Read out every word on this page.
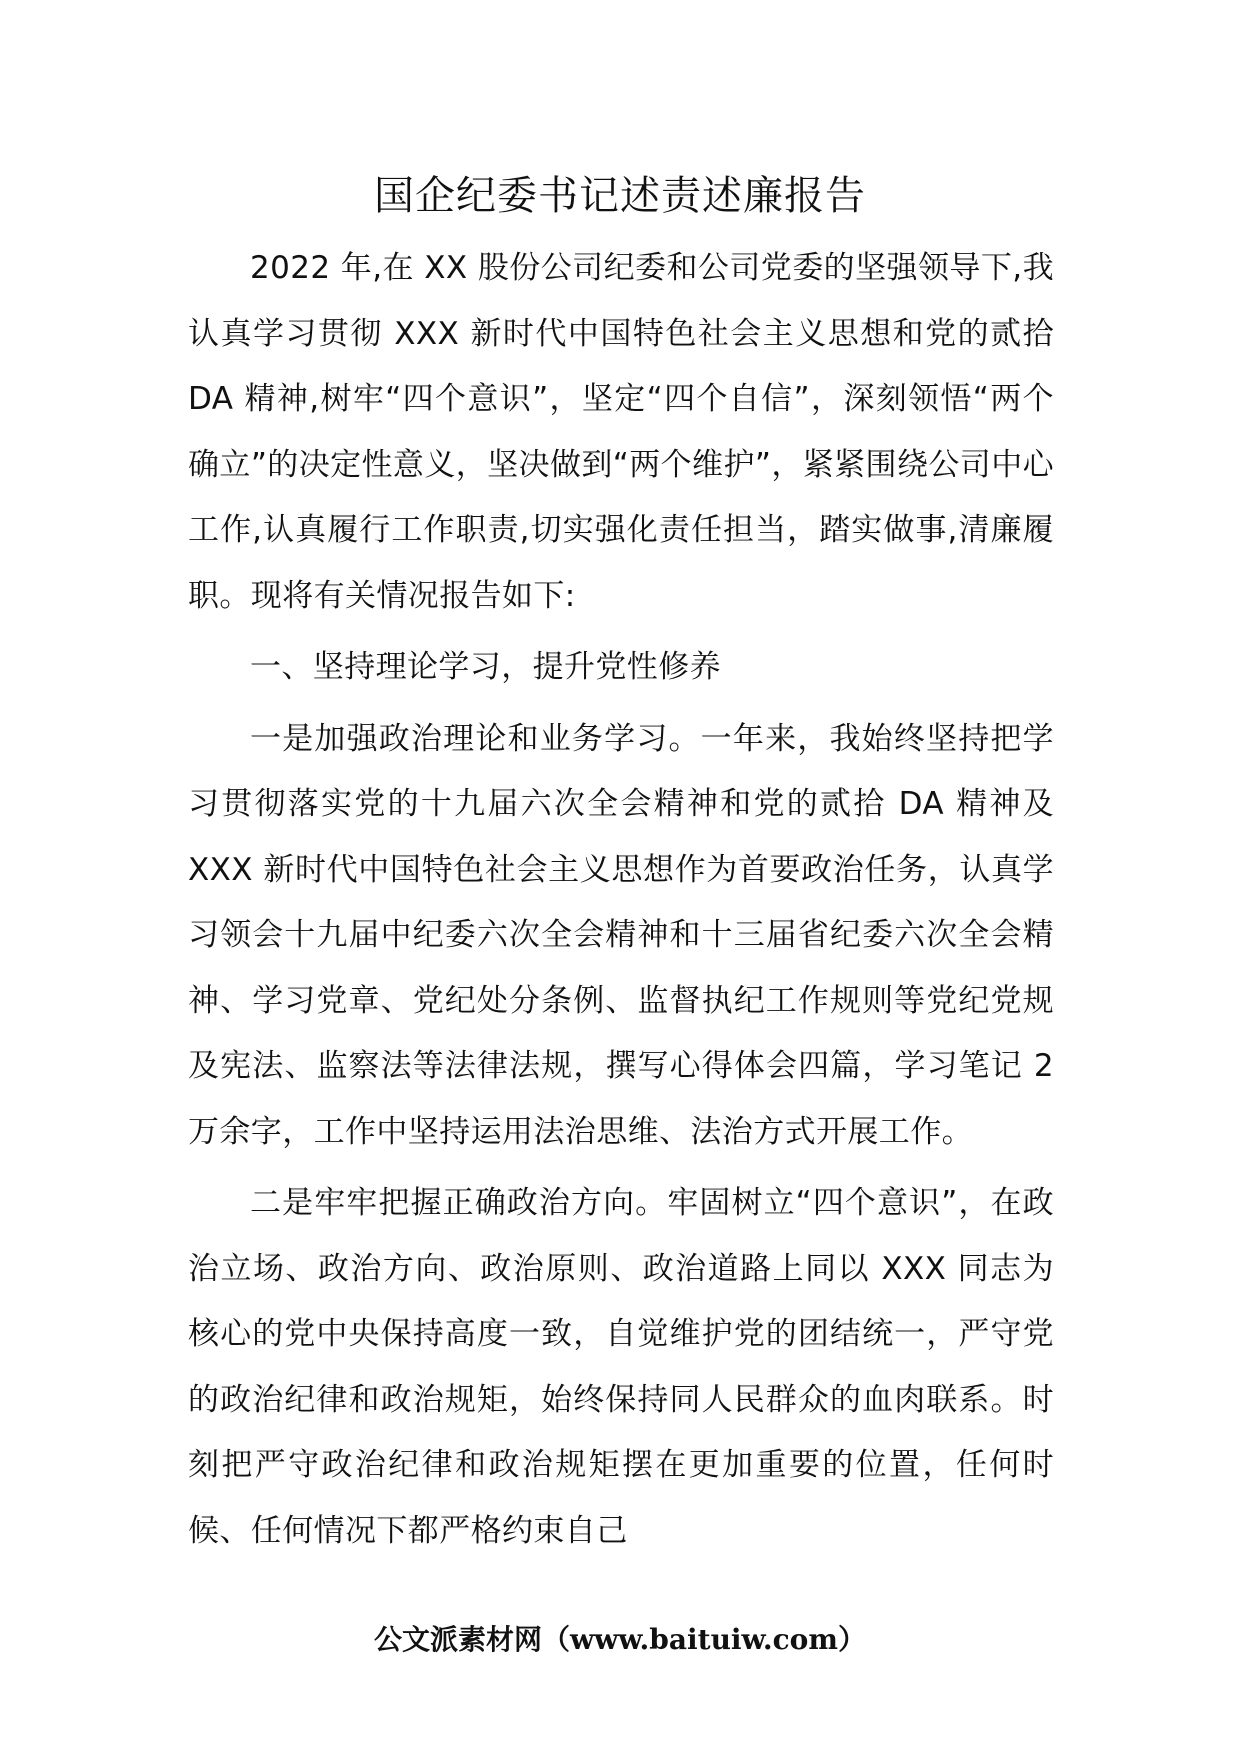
国企纪委书记述责述廉报告

2022 年,在 XX 股份公司纪委和公司党委的坚强领导下,我认真学习贯彻 XXX 新时代中国特色社会主义思想和党的贰拾 DA 精神,树牢“四个意识”，坚定“四个自信”，深刻领悟“两个确立”的决定性意义，坚决做到“两个维护”，紧紧围绕公司中心工作,认真履行工作职责,切实强化责任担当，踏实做事,清廉履职。现将有关情况报告如下:

一、坚持理论学习，提升党性修养

一是加强政治理论和业务学习。一年来，我始终坚持把学习贯彻落实党的十九届六次全会精神和党的贰拾 DA 精神及 XXX 新时代中国特色社会主义思想作为首要政治任务，认真学习领会十九届中纪委六次全会精神和十三届省纪委六次全会精神、学习党章、党纪处分条例、监督执纪工作规则等党纪党规及宪法、监察法等法律法规，撰写心得体会四篇，学习笔记 2 万余字，工作中坚持运用法治思维、法治方式开展工作。

二是牢牢把握正确政治方向。牢固树立“四个意识”，在政治立场、政治方向、政治原则、政治道路上同以 XXX 同志为核心的党中央保持高度一致，自觉维护党的团结统一，严守党的政治纪律和政治规矩，始终保持同人民群众的血肉联系。时刻把严守政治纪律和政治规矩摆在更加重要的位置，任何时候、任何情况下都严格约束自己

公文派素材网（www.baituiw.com）
